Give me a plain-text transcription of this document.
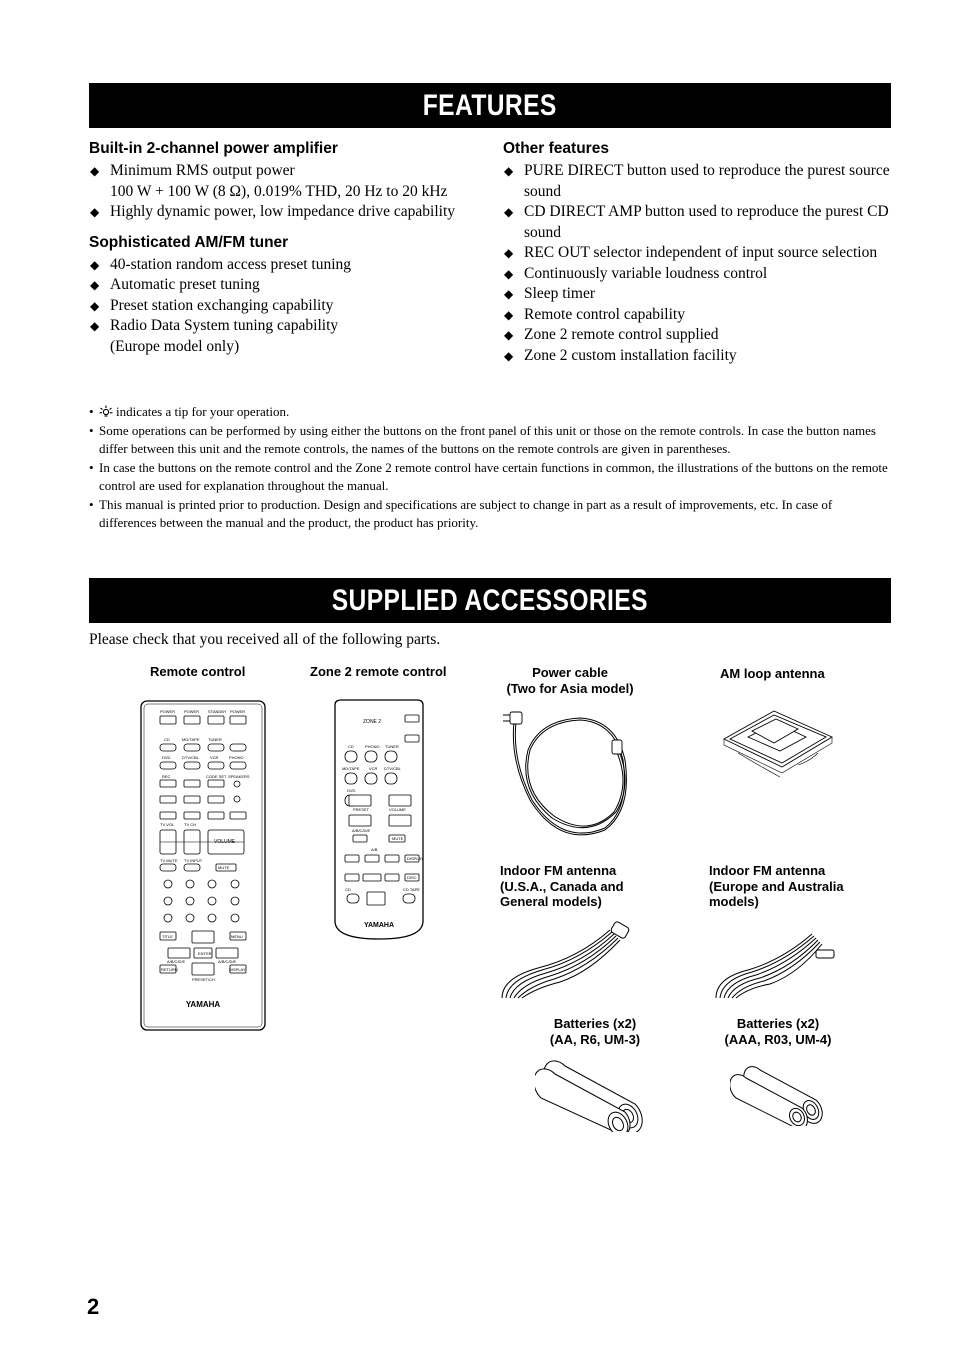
FEATURES
Built-in 2-channel power amplifier
◆ Minimum RMS output power
100 W + 100 W (8 Ω), 0.019% THD, 20 Hz to 20 kHz
◆ Highly dynamic power, low impedance drive capability
Sophisticated AM/FM tuner
◆ 40-station random access preset tuning
◆ Automatic preset tuning
◆ Preset station exchanging capability
◆ Radio Data System tuning capability
(Europe model only)
Other features
◆ PURE DIRECT button used to reproduce the purest source sound
◆ CD DIRECT AMP button used to reproduce the purest CD sound
◆ REC OUT selector independent of input source selection
◆ Continuously variable loudness control
◆ Sleep timer
◆ Remote control capability
◆ Zone 2 remote control supplied
◆ Zone 2 custom installation facility
• indicates a tip for your operation.
• Some operations can be performed by using either the buttons on the front panel of this unit or those on the remote controls. In case the button names differ between this unit and the remote controls, the names of the buttons on the remote controls are given in parentheses.
• In case the buttons on the remote control and the Zone 2 remote control have certain functions in common, the illustrations of the buttons on the remote control are used for explanation throughout the manual.
• This manual is printed prior to production. Design and specifications are subject to change in part as a result of improvements, etc. In case of differences between the manual and the product, the product has priority.
SUPPLIED ACCESSORIES
Please check that you received all of the following parts.
Remote control	Zone 2 remote control	Power cable
(Two for Asia model)
AM loop antenna
Indoor FM antenna
(U.S.A., Canada and
General models)
Indoor FM antenna
(Europe and Australia
models)
Batteries (x2)
(AA, R6, UM-3)
Batteries (x2)
(AAA, R03, UM-4)
POWER POWER STANDBY POWER
CD	MD/TAPE TUNER
DVD	DTV/CBL	VCR	PHONO
REC	CODE SET SPEAKERS
TV VOL TV CH
VOLUME
TV MUTE TV INPUT
MUTE
TITLE	MENU
ENTER
A/B/C/D/E	A/B/C/D/E
RETURN	DISPLAY
PRESET/CH
YAMAHA
ZONE 2
CD	PHONO TUNER
MD/TAPE VCR DTV/CBL
DVD
PRESET	VOLUME
A/B/C/D/E
MUTE
A/B
DISPLAY
DISC
CD	CD TAPE
YAMAHA
2
